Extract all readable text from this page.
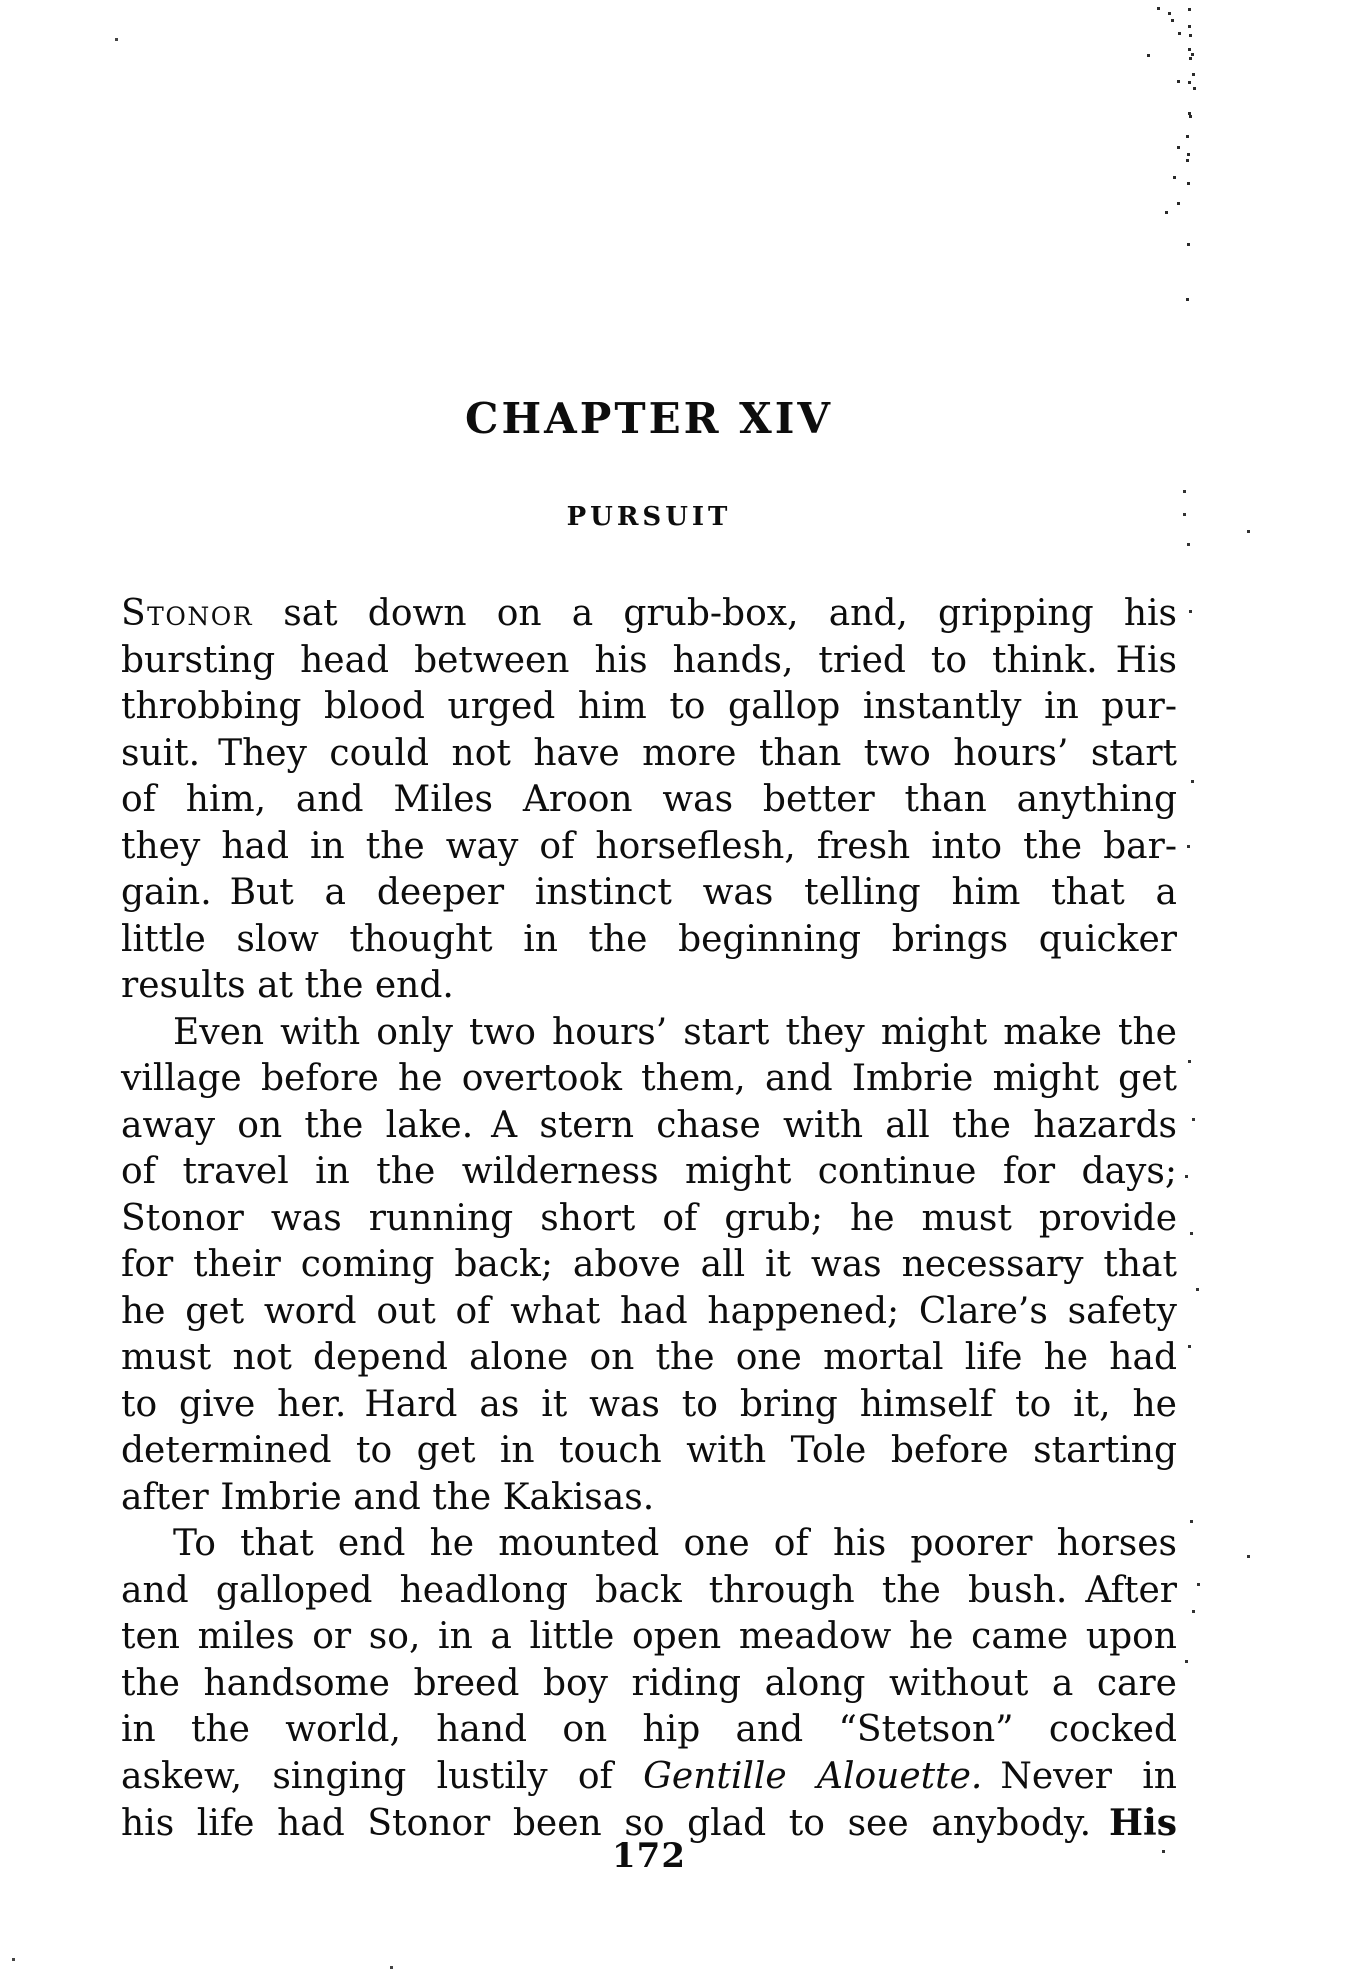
CHAPTER XIV
PURSUIT

Stonor sat down on a grub-box, and, gripping his
bursting head between his hands, tried to think. His
throbbing blood urged him to gallop instantly in pur-
suit. They could not have more than two hours’ start
of him, and Miles Aroon was better than anything
they had in the way of horseflesh, fresh into the bar-
gain. But a deeper instinct was telling him that a
little slow thought in the beginning brings quicker
results at the end.

Even with only two hours’ start they might make the
village before he overtook them, and Imbrie might get
away on the lake. A stern chase with all the hazards
of travel in the wilderness might continue for days;
Stonor was running short of grub; he must provide
for their coming back; above all it was necessary that
he get word out of what had happened; Clare’s safety
must not depend alone on the one mortal life he had
to give her. Hard as it was to bring himself to it, he
determined to get in touch with Tole before starting
after Imbrie and the Kakisas.

To that end he mounted one of his poorer horses
and galloped headlong back through the bush. After
ten miles or so, in a little open meadow he came upon
the handsome breed boy riding along without a care
in the world, hand on hip and “Stetson” cocked
askew, singing lustily of Gentille Alouette. Never in
his life had Stonor been so glad to see anybody. His

172
